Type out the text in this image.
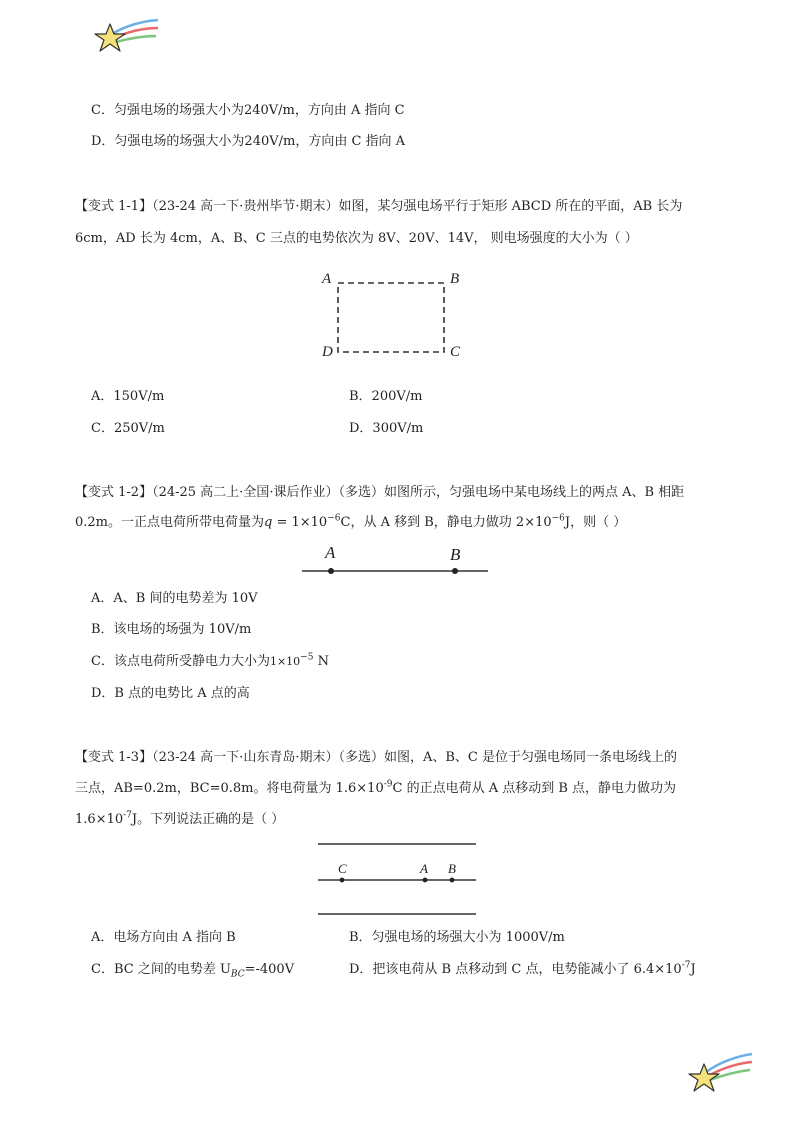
C．匀强电场的场强大小为240V/m，方向由 A 指向 C
D．匀强电场的场强大小为240V/m，方向由 C 指向 A
【变式 1-1】（23-24 高一下·贵州毕节·期末）如图，某匀强电场平行于矩形 ABCD 所在的平面，AB 长为
6cm，AD 长为 4cm，A、B、C 三点的电势依次为 8V、20V、14V， 则电场强度的大小为（ ）
A	B
D	C
A．150V/m	B．200V/m
C．250V/m	D．300V/m
【变式 1-2】（24-25 高二上·全国·课后作业）（多选）如图所示，匀强电场中某电场线上的两点 A、B 相距
0.2m。一正点电荷所带电荷量为$q = 1\times 10^{-6}C$，从 A 移到 B，静电力做功 $2\times 10^{-6}J$，则（ ）
A	B
A．A、B 间的电势差为 10V
B．该电场的场强为 10V/m
C．该点电荷所受静电力大小为$1\times 10^{-5}$ N
D．B 点的电势比 A 点的高
【变式 1-3】（23-24 高一下·山东青岛·期末）（多选）如图，A、B、C 是位于匀强电场同一条电场线上的
三点，AB=0.2m，BC=0.8m。将电荷量为 $1.6\times 10^{-9}C$ 的正点电荷从 A 点移动到 B 点，静电力做功为
$1.6\times 10^{-7}J$。下列说法正确的是（ ）
C	A B
A．电场方向由 A 指向 B	B．匀强电场的场强大小为 1000V/m
C．BC 之间的电势差 $U_{BC}=-400V$	D．把该电荷从 B 点移动到 C 点，电势能减小了 $6.4\times 10^{-7}J$
